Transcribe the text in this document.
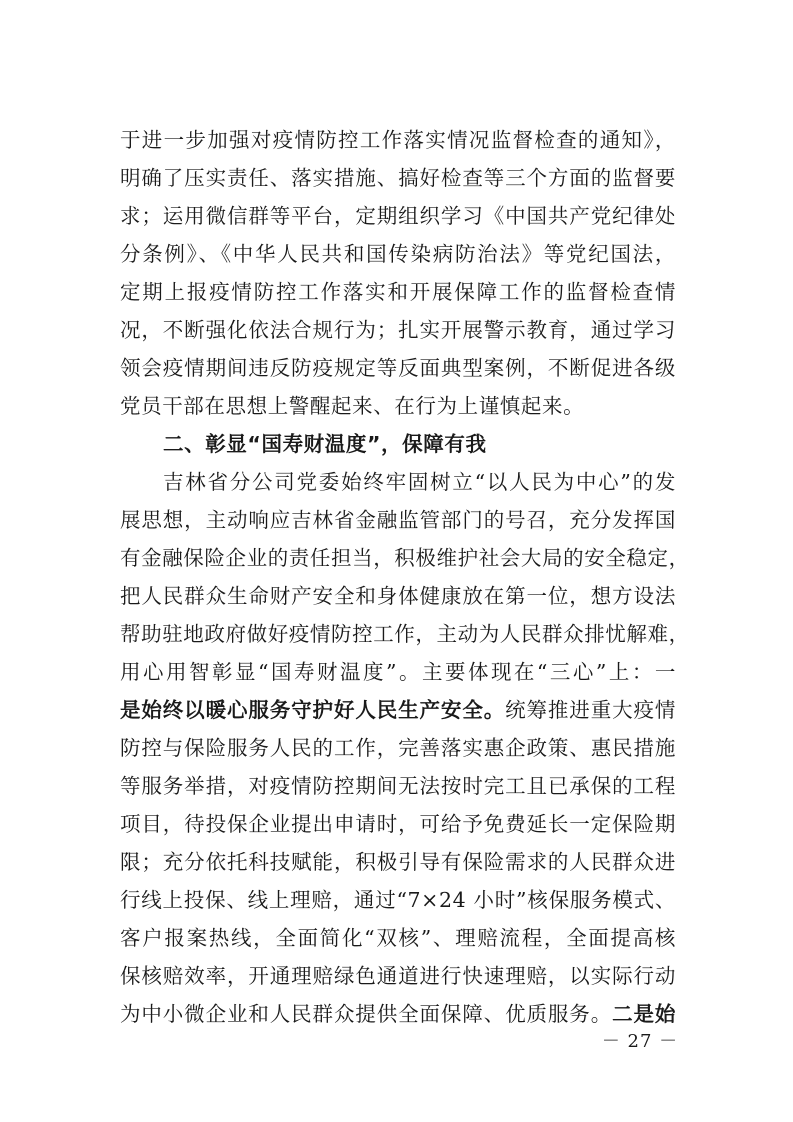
于进一步加强对疫情防控工作落实情况监督检查的通知》，
明确了压实责任、落实措施、搞好检查等三个方面的监督要
求；运用微信群等平台，定期组织学习《中国共产党纪律处
分条例》、《中华人民共和国传染病防治法》等党纪国法，
定期上报疫情防控工作落实和开展保障工作的监督检查情
况，不断强化依法合规行为；扎实开展警示教育，通过学习
领会疫情期间违反防疫规定等反面典型案例，不断促进各级
党员干部在思想上警醒起来、在行为上谨慎起来。
二、彰显“国寿财温度”，保障有我
吉林省分公司党委始终牢固树立“以人民为中心”的发
展思想，主动响应吉林省金融监管部门的号召，充分发挥国
有金融保险企业的责任担当，积极维护社会大局的安全稳定，
把人民群众生命财产安全和身体健康放在第一位，想方设法
帮助驻地政府做好疫情防控工作，主动为人民群众排忧解难，
用心用智彰显“国寿财温度”。主要体现在“三心”上：一
是始终以暖心服务守护好人民生产安全。统筹推进重大疫情
防控与保险服务人民的工作，完善落实惠企政策、惠民措施
等服务举措，对疫情防控期间无法按时完工且已承保的工程
项目，待投保企业提出申请时，可给予免费延长一定保险期
限；充分依托科技赋能，积极引导有保险需求的人民群众进
行线上投保、线上理赔，通过“7×24 小时”核保服务模式、
客户报案热线，全面简化“双核”、理赔流程，全面提高核
保核赔效率，开通理赔绿色通道进行快速理赔，以实际行动
为中小微企业和人民群众提供全面保障、优质服务。二是始
－ 27 －
